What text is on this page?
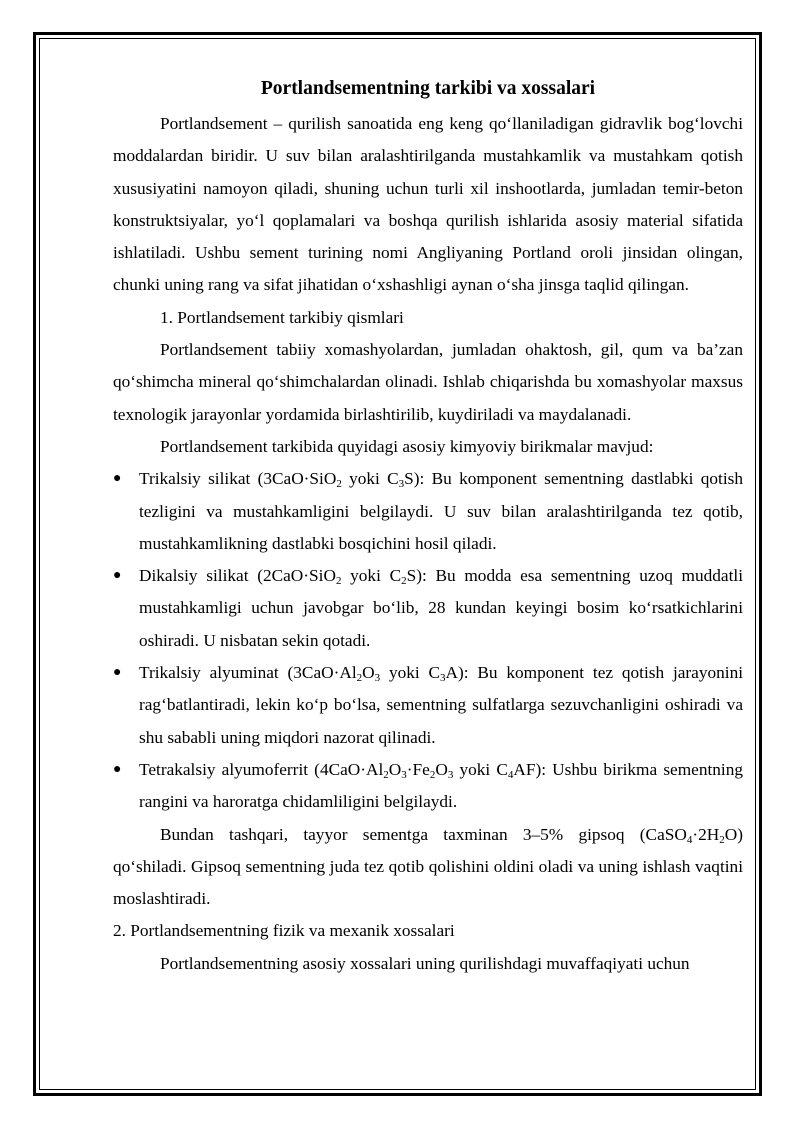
Portlandsementning tarkibi va xossalari

Portlandsement – qurilish sanoatida eng keng qo‘llaniladigan gidravlik bog‘lovchi moddalardan biridir. U suv bilan aralashtirilganda mustahkamlik va mustahkam qotish xususiyatini namoyon qiladi, shuning uchun turli xil inshootlarda, jumladan temir-beton konstruktsiyalar, yo‘l qoplamalari va boshqa qurilish ishlarida asosiy material sifatida ishlatiladi. Ushbu sement turining nomi Angliyaning Portland oroli jinsidan olingan, chunki uning rang va sifat jihatidan o‘xshashligi aynan o‘sha jinsga taqlid qilingan.

1. Portlandsement tarkibiy qismlari

Portlandsement tabiiy xomashyolardan, jumladan ohaktosh, gil, qum va ba’zan qo‘shimcha mineral qo‘shimchalardan olinadi. Ishlab chiqarishda bu xomashyolar maxsus texnologik jarayonlar yordamida birlashtirilib, kuydiriladi va maydalanadi.

Portlandsement tarkibida quyidagi asosiy kimyoviy birikmalar mavjud:

● Trikalsiy silikat (3CaO·SiO$_2$ yoki $C_3S$): Bu komponent sementning dastlabki qotish tezligini va mustahkamligini belgilaydi. U suv bilan aralashtirilganda tez qotib, mustahkamlikning dastlabki bosqichini hosil qiladi.
● Dikalsiy silikat (2CaO·SiO$_2$ yoki $C_2S$): Bu modda esa sementning uzoq muddatli mustahkamligi uchun javobgar bo‘lib, 28 kundan keyingi bosim ko‘rsatkichlarini oshiradi. U nisbatan sekin qotadi.
● Trikalsiy alyuminat ($3CaO\cdot Al_2O_3$ yoki $C_3A$): Bu komponent tez qotish jarayonini rag‘batlantiradi, lekin ko‘p bo‘lsa, sementning sulfatlarga sezuvchanligini oshiradi va shu sababli uning miqdori nazorat qilinadi.
● Tetrakalsiy alyumoferrit ($4CaO\cdot Al_2O_3\cdot Fe_2O_3$ yoki $C_4AF$): Ushbu birikma sementning rangini va haroratga chidamliligini belgilaydi.

Bundan tashqari, tayyor sementga taxminan 3–5% gipsoq $(CaSO_4\cdot 2H_2O)$ qo‘shiladi. Gipsoq sementning juda tez qotib qolishini oldini oladi va uning ishlash vaqtini moslashtiradi.

2. Portlandsementning fizik va mexanik xossalari

Portlandsementning asosiy xossalari uning qurilishdagi muvaffaqiyati uchun
